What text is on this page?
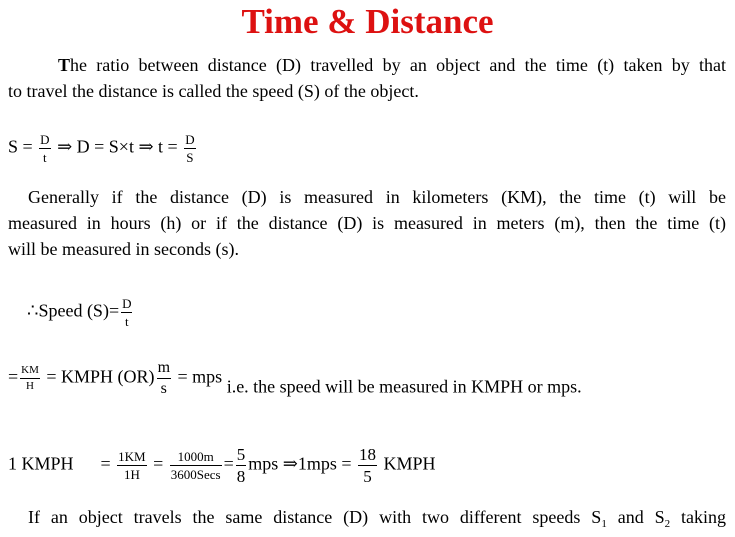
Time & Distance
The ratio between distance (D) travelled by an object and the time (t) taken by that
to travel the distance is called the speed (S) of the object.
$S = \frac{D}{t}$ ⇒ D = S×t ⇒ $t = \frac{D}{S}$
Generally if the distance (D) is measured in kilometers (KM), the time (t) will be
measured in hours (h) or if the distance (D) is measured in meters (m), then the time (t)
will be measured in seconds (s).
∴Speed $(S)= \frac{D}{t}$
= $\frac{KM}{H}$ = KMPH $(OR) \frac{m}{s}$ = mps i.e. the speed will be measured in KMPH or mps.
1 KMPH = $\frac{1KM}{1H} = \frac{1000m}{\text{3600Secs}} = \frac{5}{8}$ mps ⇒1mps = $\frac{18}{5}$ KMPH
If an object travels the same distance (D) with two different speeds $S_1$ and $S_2$ taking
